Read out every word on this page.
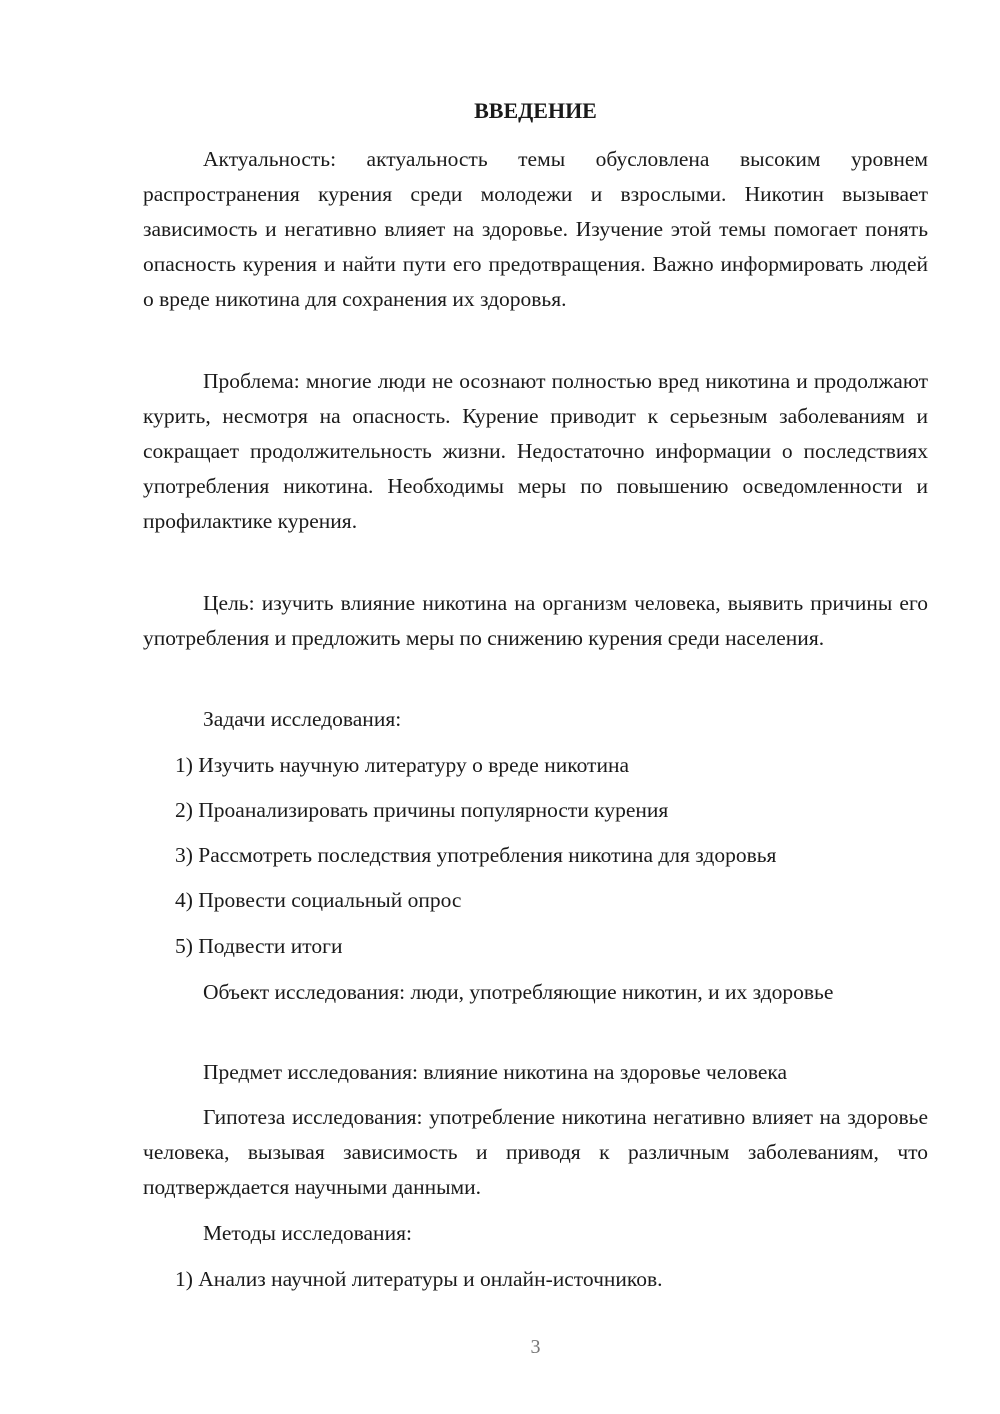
ВВЕДЕНИЕ

Актуальность: актуальность темы обусловлена высоким уровнем распространения курения среди молодежи и взрослыми. Никотин вызывает зависимость и негативно влияет на здоровье. Изучение этой темы помогает понять опасность курения и найти пути его предотвращения. Важно информировать людей о вреде никотина для сохранения их здоровья.

Проблема: многие люди не осознают полностью вред никотина и продолжают курить, несмотря на опасность. Курение приводит к серьезным заболеваниям и сокращает продолжительность жизни. Недостаточно информации о последствиях употребления никотина. Необходимы меры по повышению осведомленности и профилактике курения.

Цель: изучить влияние никотина на организм человека, выявить причины его употребления и предложить меры по снижению курения среди населения.

Задачи исследования:

1) Изучить научную литературу о вреде никотина

2) Проанализировать причины популярности курения

3) Рассмотреть последствия употребления никотина для здоровья

4) Провести социальный опрос

5) Подвести итоги

Объект исследования: люди, употребляющие никотин, и их здоровье

Предмет исследования: влияние никотина на здоровье человека

Гипотеза исследования: употребление никотина негативно влияет на здоровье человека, вызывая зависимость и приводя к различным заболеваниям, что подтверждается научными данными.

Методы исследования:

1) Анализ научной литературы и онлайн-источников.

3
